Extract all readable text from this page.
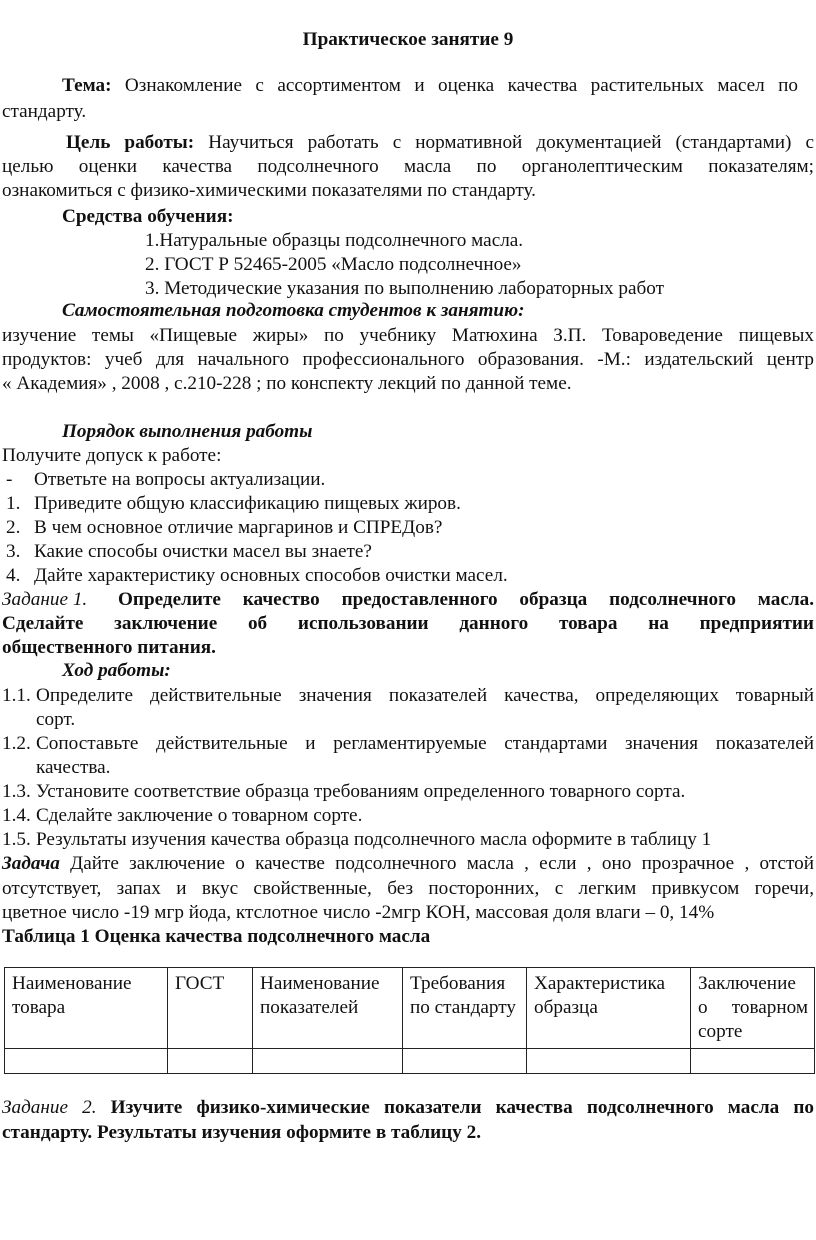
Практическое занятие 9
Тема: Ознакомление с ассортиментом и оценка качества растительных масел по
стандарту.
Цель работы: Научиться работать с нормативной документацией (стандартами) с
целью оценки качества подсолнечного масла по органолептическим показателям;
ознакомиться с физико-химическими показателями по стандарту.
Средства обучения:
1.Натуральные образцы подсолнечного масла.
2. ГОСТ Р 52465-2005 «Масло подсолнечное»
3. Методические указания по выполнению лабораторных работ
Самостоятельная подготовка студентов к занятию:
изучение темы «Пищевые жиры» по учебнику Матюхина З.П. Товароведение пищевых
продуктов: учеб для начального профессионального образования. -М.: издательский центр
« Академия» , 2008 , с.210-228 ; по конспекту лекций по данной теме.
Порядок выполнения работы
Получите допуск к работе:
- Ответьте на вопросы актуализации.
1. Приведите общую классификацию пищевых жиров.
2. В чем основное отличие маргаринов и СПРЕДов?
3. Какие способы очистки масел вы знаете?
4. Дайте характеристику основных способов очистки масел.
Задание 1. Определите качество предоставленного образца подсолнечного масла.
Сделайте заключение об использовании данного товара на предприятии
общественного питания.
Ход работы:
1.1. Определите действительные значения показателей качества, определяющих товарный
сорт.
1.2. Сопоставьте действительные и регламентируемые стандартами значения показателей
качества.
1.3. Установите соответствие образца требованиям определенного товарного сорта.
1.4. Сделайте заключение о товарном сорте.
1.5. Результаты изучения качества образца подсолнечного масла оформите в таблицу 1
Задача Дайте заключение о качестве подсолнечного масла , если , оно прозрачное , отстой
отсутствует, запах и вкус свойственные, без посторонних, с легким привкусом горечи,
цветное число -19 мгр йода, ктслотное число -2мгр КОН, массовая доля влаги – 0, 14%
Таблица 1 Оценка качества подсолнечного масла
Наименование товара	ГОСТ	Наименование показателей	Требования по стандарту	Характеристика образца	Заключение о товарном сорте

Задание 2. Изучите физико-химические показатели качества подсолнечного масла по
стандарту. Результаты изучения оформите в таблицу 2.
